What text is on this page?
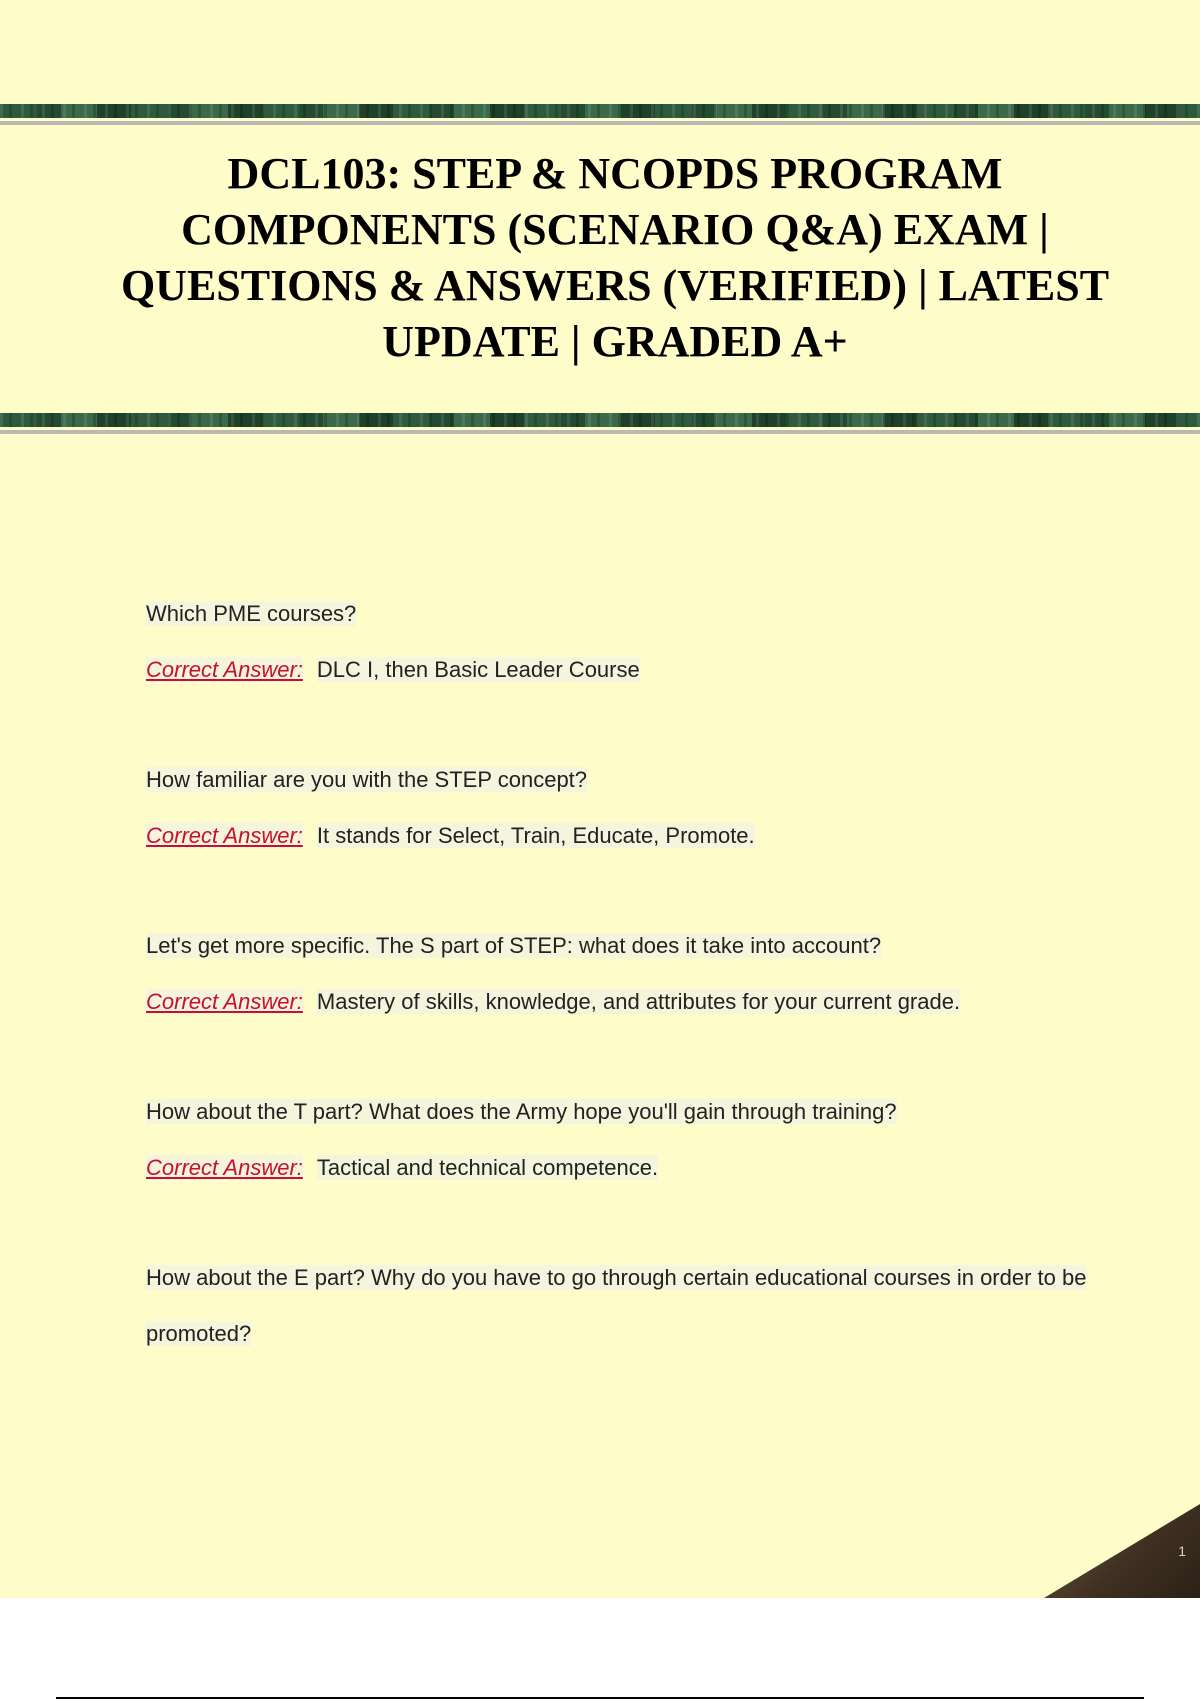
DCL103: STEP & NCOPDS PROGRAM COMPONENTS (SCENARIO Q&A) EXAM | QUESTIONS & ANSWERS (VERIFIED) | LATEST UPDATE | GRADED A+

Which PME courses?

Correct Answer: DLC I, then Basic Leader Course

How familiar are you with the STEP concept?

Correct Answer: It stands for Select, Train, Educate, Promote.

Let's get more specific. The S part of STEP: what does it take into account?

Correct Answer: Mastery of skills, knowledge, and attributes for your current grade.

How about the T part? What does the Army hope you'll gain through training?

Correct Answer: Tactical and technical competence.

How about the E part? Why do you have to go through certain educational courses in order to be promoted?

1
